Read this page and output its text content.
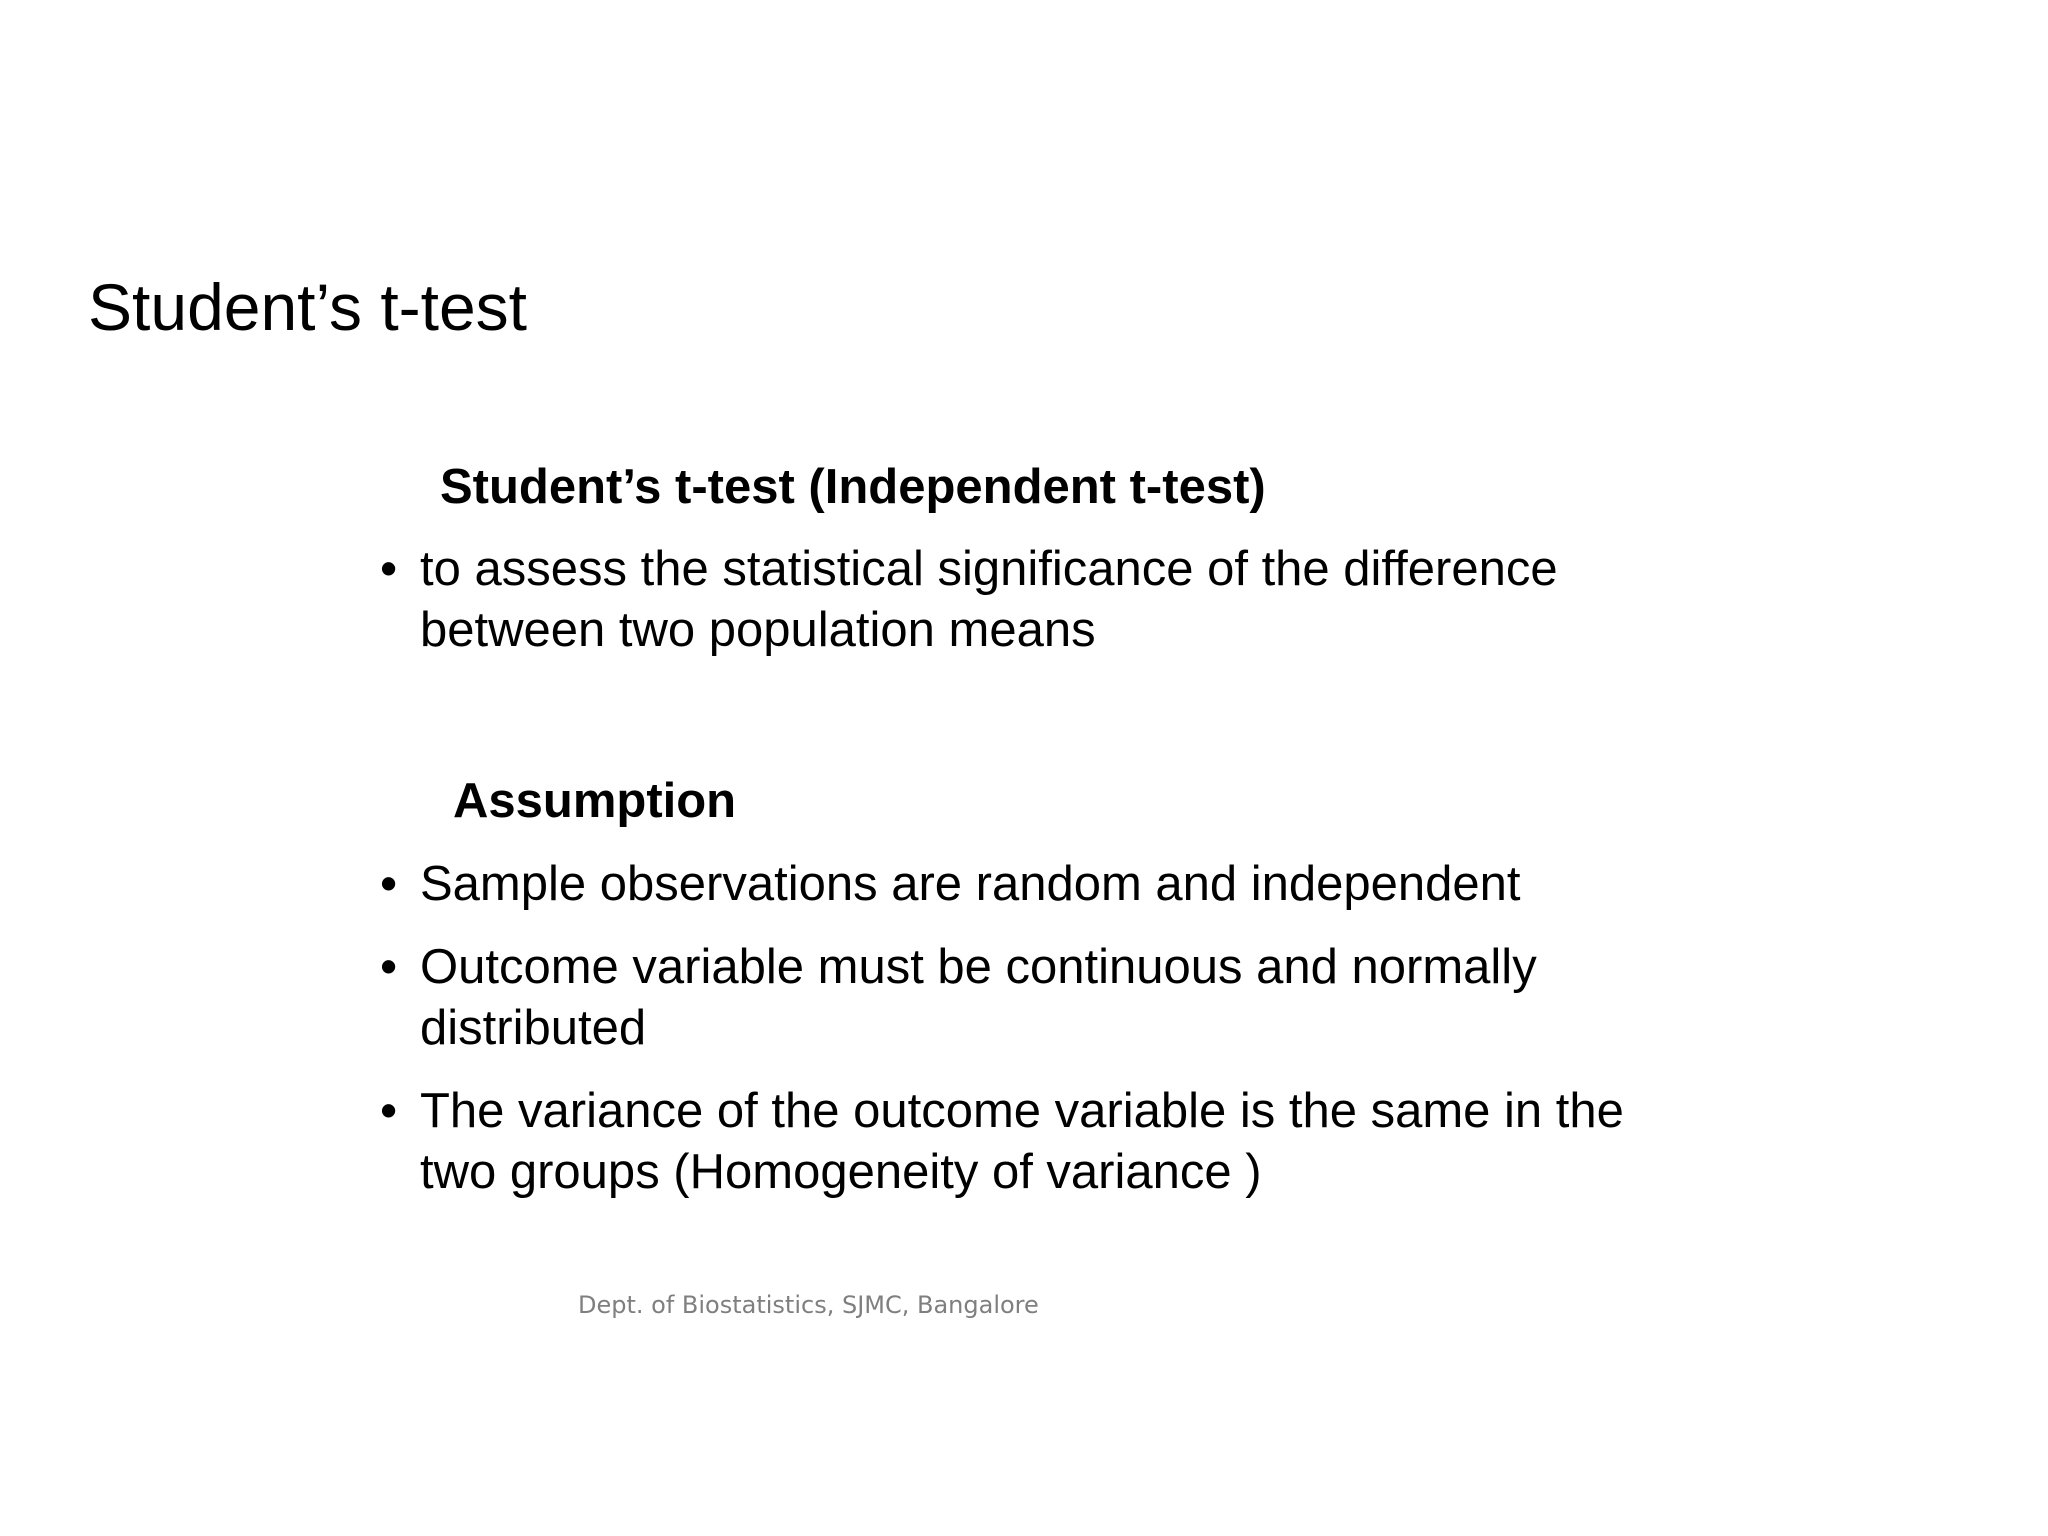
Student’s t-test
Student’s t-test (Independent t-test)
• to assess the statistical significance of the difference between two population means
Assumption
• Sample observations are random and independent
• Outcome variable must be continuous and normally distributed
• The variance of the outcome variable is the same in the two groups (Homogeneity of variance )
Dept. of Biostatistics, SJMC, Bangalore
